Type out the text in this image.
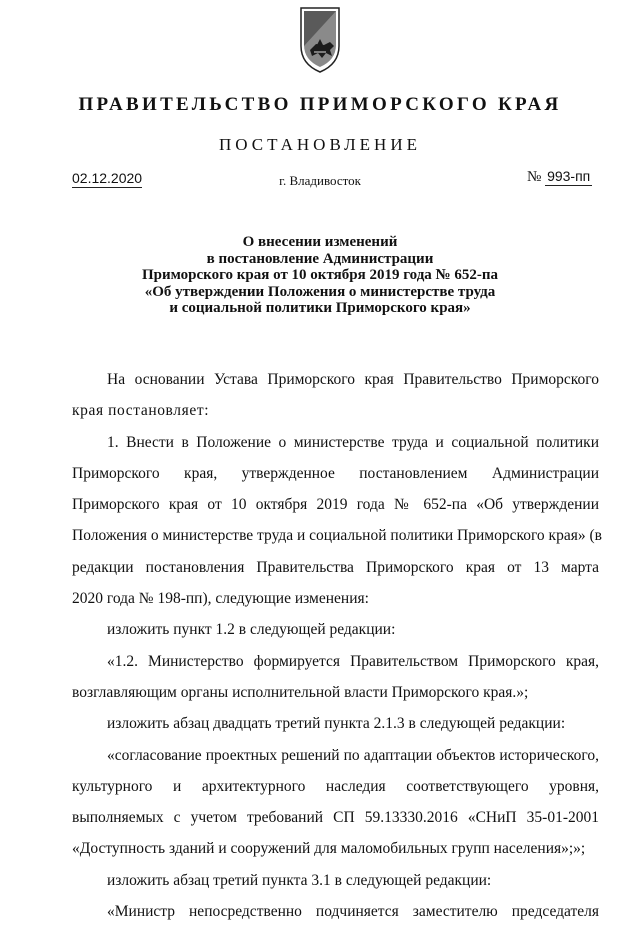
ПРАВИТЕЛЬСТВО ПРИМОРСКОГО КРАЯ
ПОСТАНОВЛЕНИЕ
02.12.2020	г. Владивосток	№ 993-пп
О внесении изменений
в постановление Администрации
Приморского края от 10 октября 2019 года № 652-па
«Об утверждении Положения о министерстве труда
и социальной политики Приморского края»
На основании Устава Приморского края Правительство Приморского
края постановляет:
1. Внести в Положение о министерстве труда и социальной политики
Приморского края, утвержденное постановлением Администрации
Приморского края от 10 октября 2019 года № 652-па «Об утверждении
Положения о министерстве труда и социальной политики Приморского края» (в
редакции постановления Правительства Приморского края от 13 марта
2020 года № 198-пп), следующие изменения:
изложить пункт 1.2 в следующей редакции:
«1.2. Министерство формируется Правительством Приморского края,
возглавляющим органы исполнительной власти Приморского края.»;
изложить абзац двадцать третий пункта 2.1.3 в следующей редакции:
«согласование проектных решений по адаптации объектов исторического,
культурного и архитектурного наследия соответствующего уровня,
выполняемых с учетом требований СП 59.13330.2016 «СНиП 35-01-2001
«Доступность зданий и сооружений для маломобильных групп населения»;»;
изложить абзац третий пункта 3.1 в следующей редакции:
«Министр непосредственно подчиняется заместителю председателя
